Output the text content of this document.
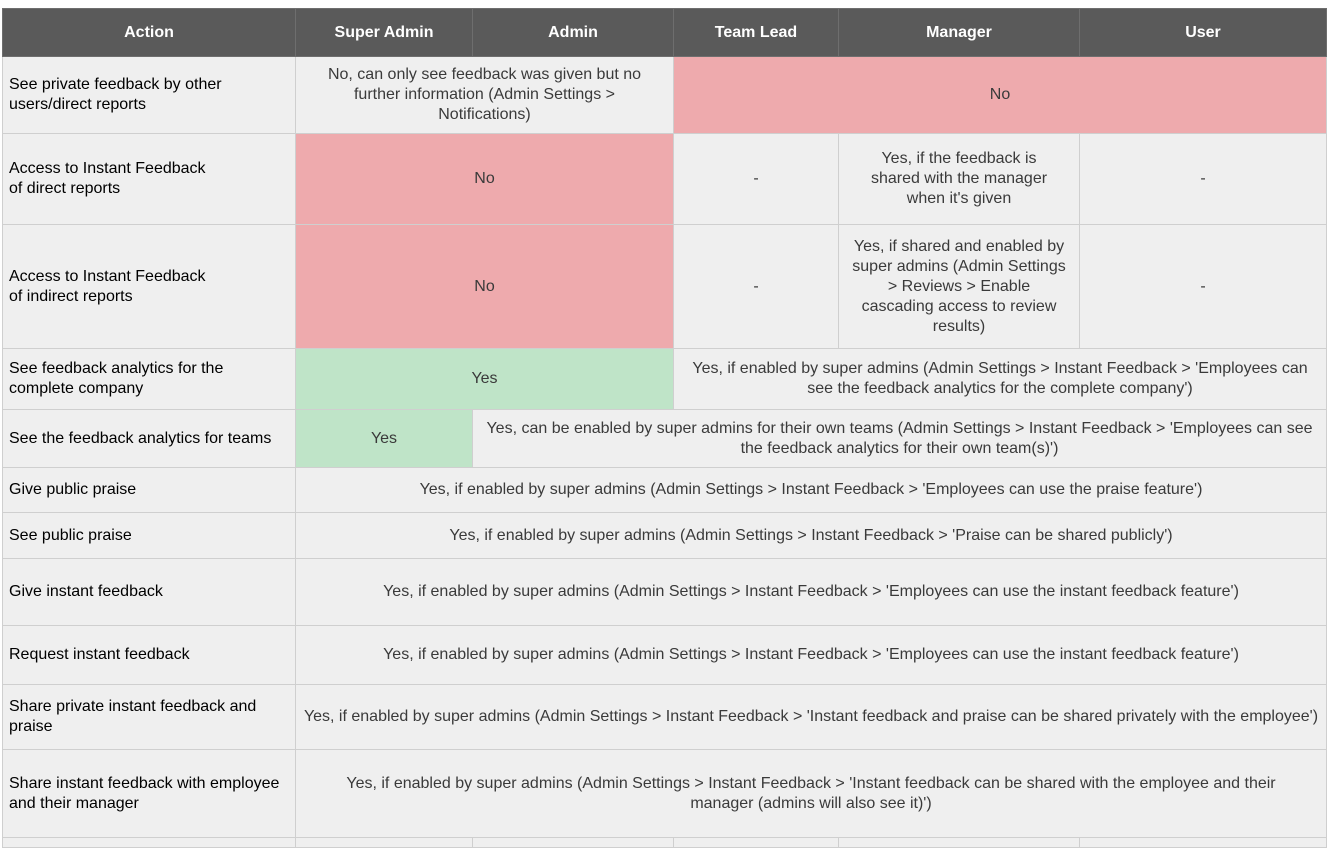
Action	Super Admin	Admin	Team Lead	Manager	User
See private feedback by other users/direct reports	No, can only see feedback was given but no further information (Admin Settings > Notifications)		No		
Access to Instant Feedback
of direct reports	No		-	Yes, if the feedback is shared with the manager when it's given	-
Access to Instant Feedback
of indirect reports	No		-	Yes, if shared and enabled by super admins (Admin Settings > Reviews > Enable cascading access to review results)	-
See feedback analytics for the complete company	Yes		Yes, if enabled by super admins (Admin Settings > Instant Feedback > 'Employees can see the feedback analytics for the complete company')		
See the feedback analytics for teams	Yes	Yes, can be enabled by super admins for their own teams (Admin Settings > Instant Feedback > 'Employees can see the feedback analytics for their own team(s)')			
Give public praise	Yes, if enabled by super admins (Admin Settings > Instant Feedback > 'Employees can use the praise feature')				
See public praise	Yes, if enabled by super admins (Admin Settings > Instant Feedback > 'Praise can be shared publicly')				
Give instant feedback	Yes, if enabled by super admins (Admin Settings > Instant Feedback > 'Employees can use the instant feedback feature')				
Request instant feedback	Yes, if enabled by super admins (Admin Settings > Instant Feedback > 'Employees can use the instant feedback feature')				
Share private instant feedback and praise	Yes, if enabled by super admins (Admin Settings > Instant Feedback > 'Instant feedback and praise can be shared privately with the employee')				
Share instant feedback with employee
and their manager	Yes, if enabled by super admins (Admin Settings > Instant Feedback > 'Instant feedback can be shared with the employee and their manager (admins will also see it)')				
